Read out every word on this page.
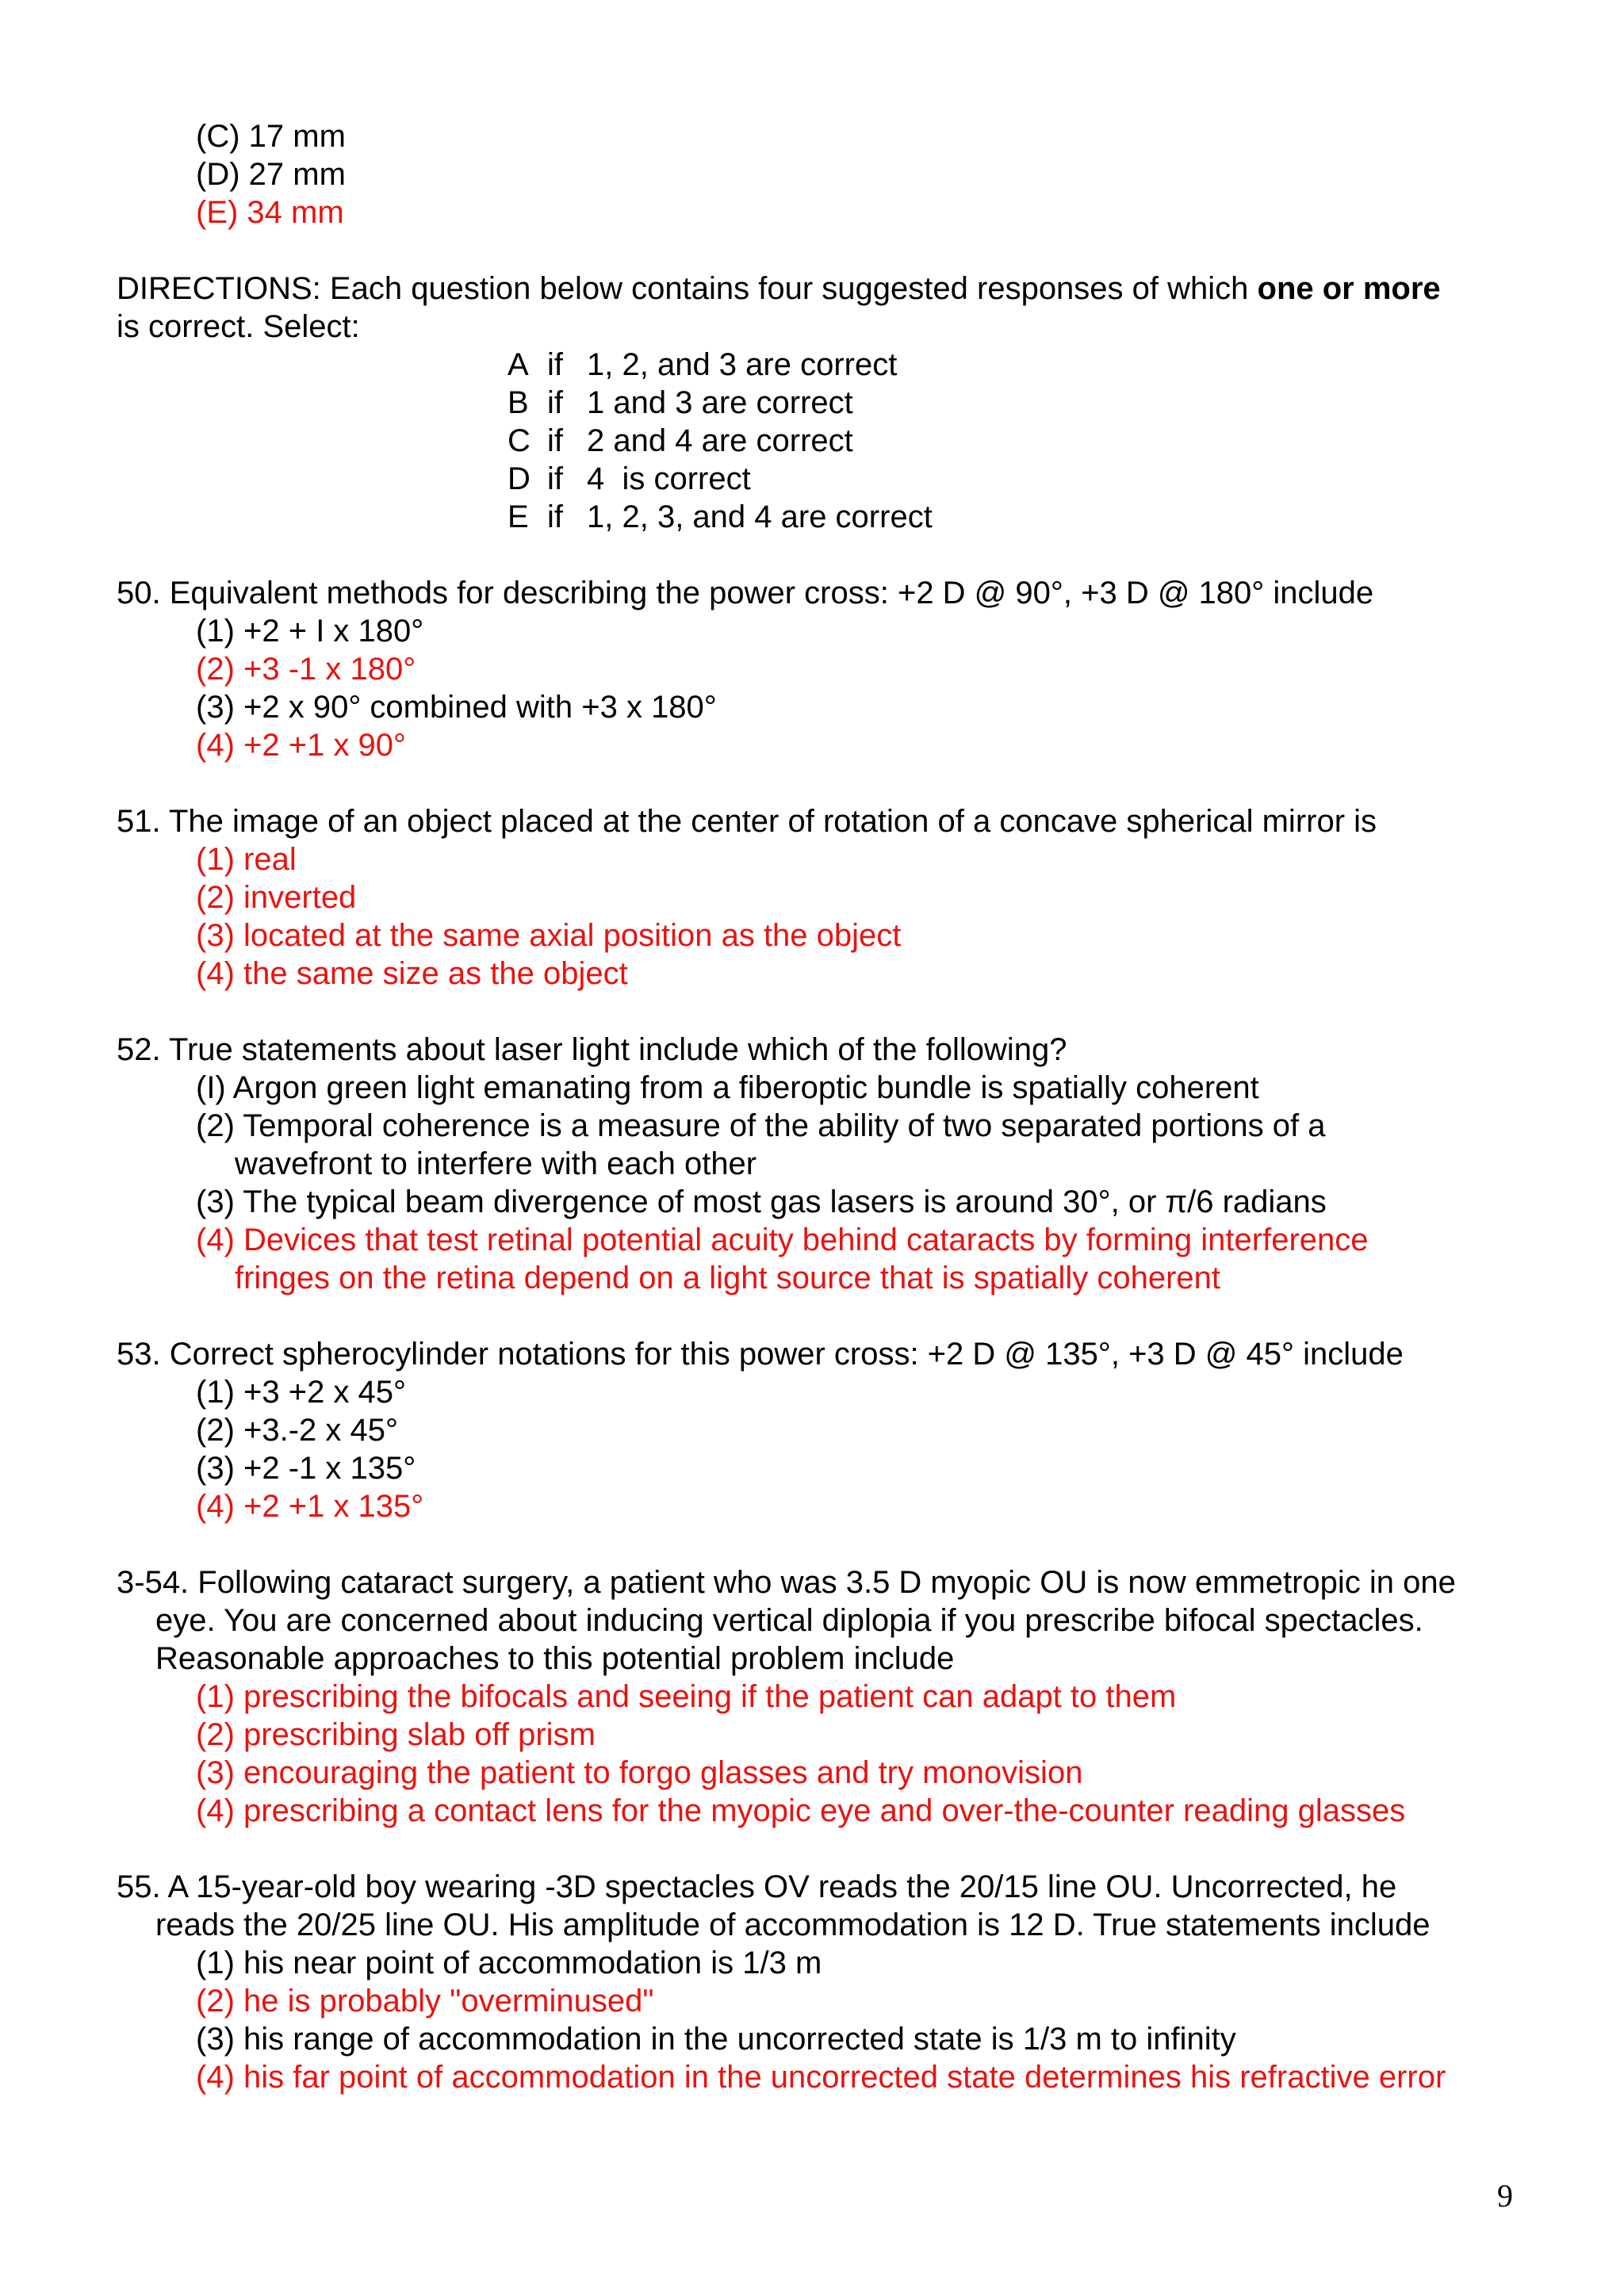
(C) 17 mm
(D) 27 mm
(E) 34 mm
DIRECTIONS: Each question below contains four suggested responses of which one or more
is correct. Select:
A if 1, 2, and 3 are correct
B if 1 and 3 are correct
C if 2 and 4 are correct
D if 4  is correct
E if 1, 2, 3, and 4 are correct
50. Equivalent methods for describing the power cross: +2 D @ 90°, +3 D @ 180° include
(1) +2 + I x 180°
(2) +3 -1 x 180°
(3) +2 x 90° combined with +3 x 180°
(4) +2 +1 x 90°
51. The image of an object placed at the center of rotation of a concave spherical mirror is
(1) real
(2) inverted
(3) located at the same axial position as the object
(4) the same size as the object
52. True statements about laser light include which of the following?
(I) Argon green light emanating from a fiberoptic bundle is spatially coherent
(2) Temporal coherence is a measure of the ability of two separated portions of a
wavefront to interfere with each other
(3) The typical beam divergence of most gas lasers is around 30°, or π/6 radians
(4) Devices that test retinal potential acuity behind cataracts by forming interference
fringes on the retina depend on a light source that is spatially coherent
53. Correct spherocylinder notations for this power cross: +2 D @ 135°, +3 D @ 45° include
(1) +3 +2 x 45°
(2) +3.-2 x 45°
(3) +2 -1 x 135°
(4) +2 +1 x 135°
3-54. Following cataract surgery, a patient who was 3.5 D myopic OU is now emmetropic in one
eye. You are concerned about inducing vertical diplopia if you prescribe bifocal spectacles.
Reasonable approaches to this potential problem include
(1) prescribing the bifocals and seeing if the patient can adapt to them
(2) prescribing slab off prism
(3) encouraging the patient to forgo glasses and try monovision
(4) prescribing a contact lens for the myopic eye and over-the-counter reading glasses
55. A 15-year-old boy wearing -3D spectacles OV reads the 20/15 line OU. Uncorrected, he
reads the 20/25 line OU. His amplitude of accommodation is 12 D. True statements include
(1) his near point of accommodation is 1/3 m
(2) he is probably "overminused"
(3) his range of accommodation in the uncorrected state is 1/3 m to infinity
(4) his far point of accommodation in the uncorrected state determines his refractive error
9
